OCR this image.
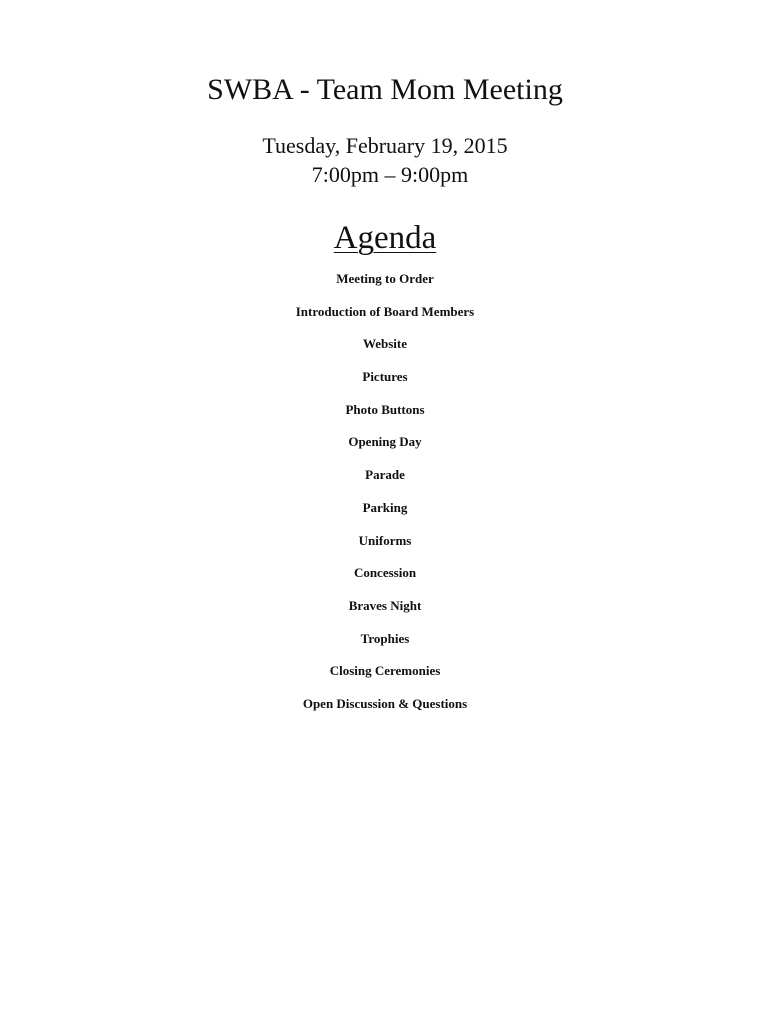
SWBA - Team Mom Meeting
Tuesday, February 19, 2015
7:00pm – 9:00pm
Agenda
Meeting to Order
Introduction of Board Members
Website
Pictures
Photo Buttons
Opening Day
Parade
Parking
Uniforms
Concession
Braves Night
Trophies
Closing Ceremonies
Open Discussion & Questions
